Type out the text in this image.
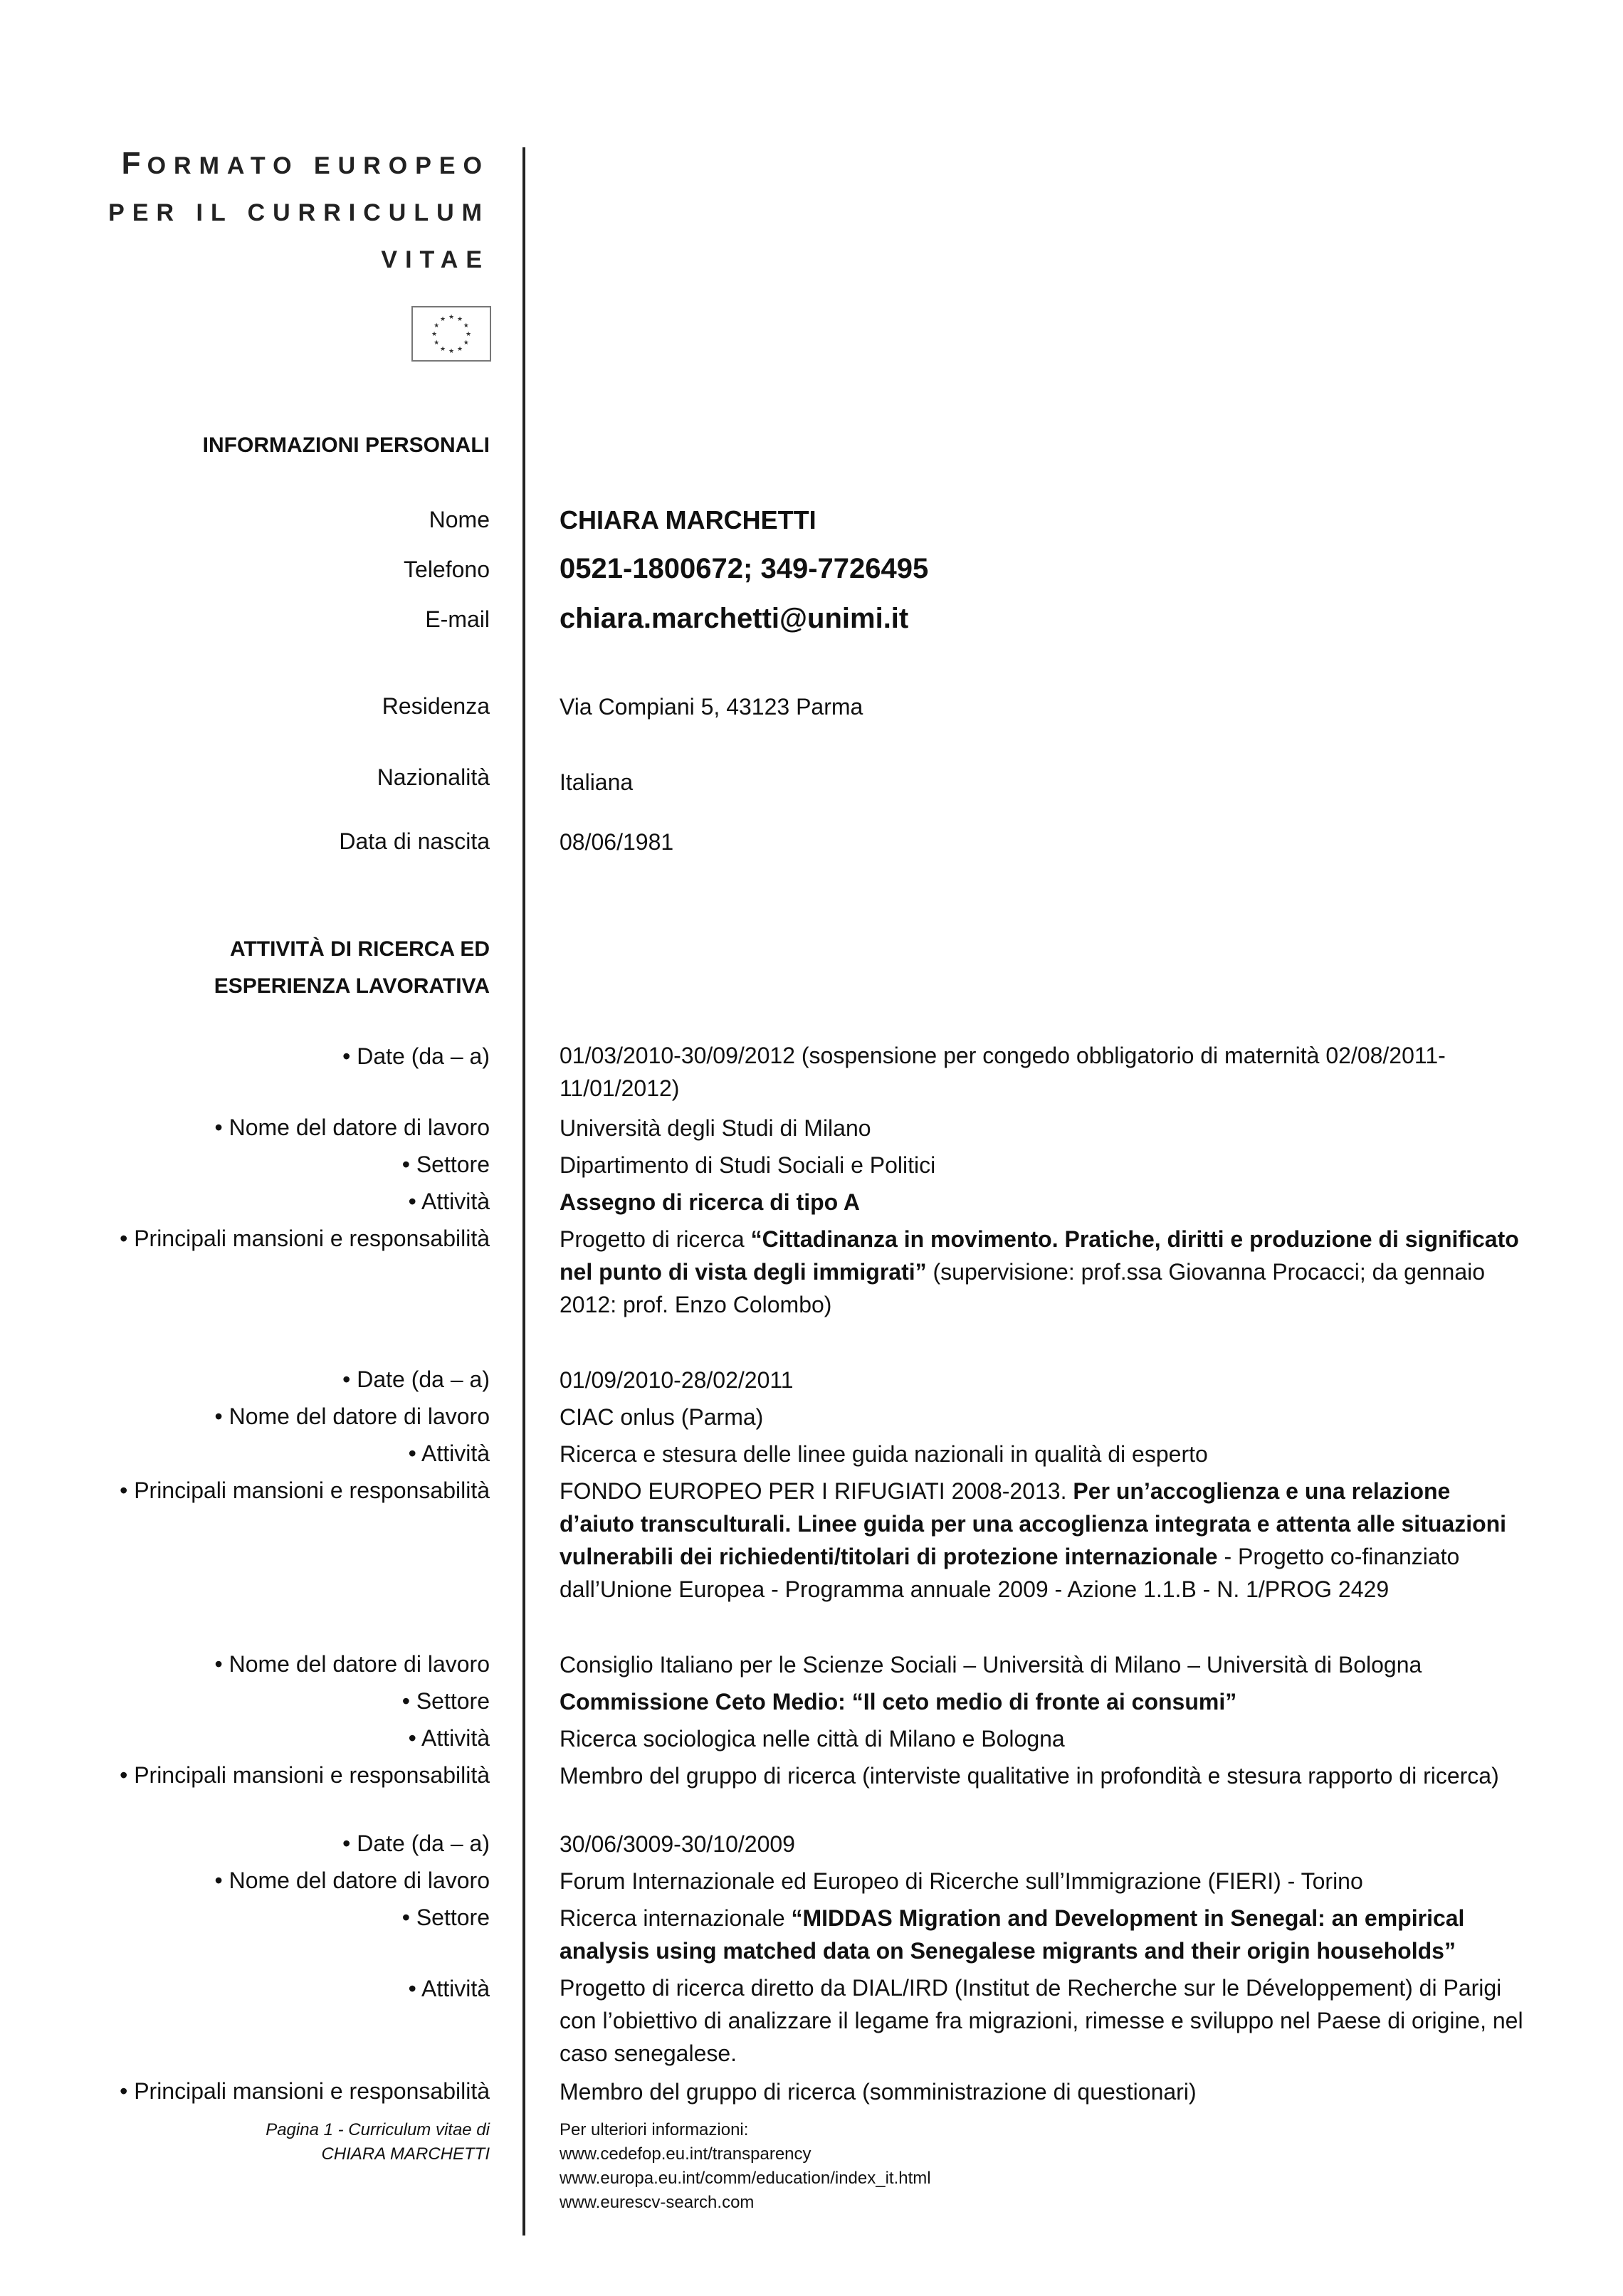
FORMATO EUROPEO
PER IL CURRICULUM
VITAE
★
★
★
★
★
★
★
★
★ ★ ★
★
INFORMAZIONI PERSONALI
Nome	CHIARA MARCHETTI
Telefono 0521-1800672; 349-7726495
E-mail chiara.marchetti@unimi.it
Residenza	Via Compiani 5, 43123 Parma
Nazionalità	Italiana
Data di nascita	08/06/1981
ATTIVITÀ DI RICERCA ED
ESPERIENZA LAVORATIVA
• Date (da – a)	01/03/2010-30/09/2012 (sospensione per congedo obbligatorio di maternità 02/08/2011-
11/01/2012)
• Nome del datore di lavoro	Università degli Studi di Milano
• Settore	Dipartimento di Studi Sociali e Politici
• Attività	Assegno di ricerca di tipo A
• Principali mansioni e responsabilità	Progetto di ricerca “Cittadinanza in movimento. Pratiche, diritti e produzione di significato nel punto di vista degli immigrati” (supervisione: prof.ssa Giovanna Procacci; da gennaio 2012: prof. Enzo Colombo)
• Date (da – a)	01/09/2010-28/02/2011
• Nome del datore di lavoro	CIAC onlus (Parma)
• Attività	Ricerca e stesura delle linee guida nazionali in qualità di esperto
• Principali mansioni e responsabilità	FONDO EUROPEO PER I RIFUGIATI 2008-2013. Per un’accoglienza e una relazione d’aiuto transculturali. Linee guida per una accoglienza integrata e attenta alle situazioni vulnerabili dei richiedenti/titolari di protezione internazionale - Progetto co-finanziato dall’Unione Europea - Programma annuale 2009 - Azione 1.1.B - N. 1/PROG 2429
• Nome del datore di lavoro	Consiglio Italiano per le Scienze Sociali – Università di Milano – Università di Bologna
• Settore	Commissione Ceto Medio: “Il ceto medio di fronte ai consumi”
• Attività	Ricerca sociologica nelle città di Milano e Bologna
• Principali mansioni e responsabilità	Membro del gruppo di ricerca (interviste qualitative in profondità e stesura rapporto di ricerca)
• Date (da – a)	30/06/3009-30/10/2009
• Nome del datore di lavoro	Forum Internazionale ed Europeo di Ricerche sull’Immigrazione (FIERI) - Torino
• Settore	Ricerca internazionale “MIDDAS Migration and Development in Senegal: an empirical analysis using matched data on Senegalese migrants and their origin households”
• Attività	Progetto di ricerca diretto da DIAL/IRD (Institut de Recherche sur le Développement) di Parigi con l’obiettivo di analizzare il legame fra migrazioni, rimesse e sviluppo nel Paese di origine, nel caso senegalese.
• Principali mansioni e responsabilità	Membro del gruppo di ricerca (somministrazione di questionari)
Pagina 1 - Curriculum vitae di
CHIARA MARCHETTI
Per ulteriori informazioni:
www.cedefop.eu.int/transparency
www.europa.eu.int/comm/education/index_it.html
www.eurescv-search.com
